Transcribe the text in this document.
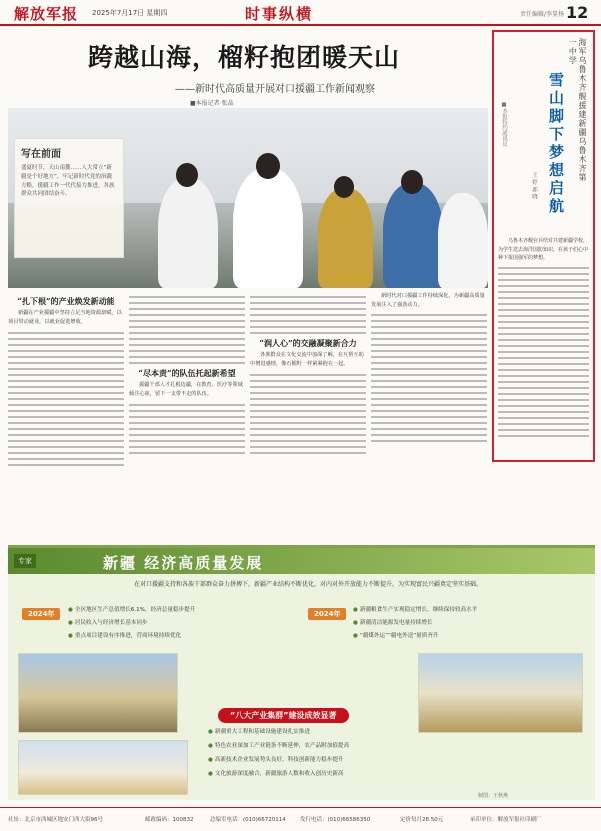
解放军报 2025年7月17日 星期四	时事纵横	责任编辑/李显扬 12
跨越山海，榴籽抱团暖天山
——新时代高质量开展对口援疆工作新闻观察
■本报记者 张晶
写在前面
盛夏时节，天山南麓……人大常立“新疆是个好地方”，牢记新时代党的治疆方略，援疆工作一代代接力推进，各族群众共同团结奋斗。
“扎下根”的产业焕发新动能
新疆在产业援疆中坚持立足当地资源禀赋，以项目带动就业，以就业促进增收。
“尽本责”的队伍托起新希望
援疆干部人才扎根边疆，在教育、医疗等领域倾注心血，留下一支带不走的队伍。
“润人心”的交融凝聚新合力
各族群众在文化交流中加深了解，在互帮互助中增进感情，像石榴籽一样紧紧抱在一起。
新时代对口援疆工作持续深化，为新疆高质量发展注入了强劲动力。
海军乌鲁木齐舰援建新疆乌鲁木齐第一中学
雪山脚下梦想启航
■本报特约通讯员
王 婷 郭 晓
乌鲁木齐舰官兵结对共建新疆学校，为学生送去海洋国防知识，在孩子们心中种下报国强军的梦想。
专家	新疆 经济高质量发展
在对口援疆支持和各族干部群众奋力拼搏下，新疆产业结构不断优化，对内对外开放能力不断提升，为实现富民兴疆奠定坚实基础。
2024年	● 全区地区生产总值增长6.1%，经济总量稳步提升
● 居民收入与经济增长基本同步
● 重点项目建设有序推进，营商环境持续优化
2024年	● 新疆粮食生产实现稳定增长，继续保持较高水平
● 新疆清洁能源发电量持续增长
● “疆煤外运”“疆电外送”量质齐升
“八大产业集群”建设成效显著
● 新疆重大工程和基础设施建设扎实推进
● 特色农业深加工产业链条不断延伸，农产品附加值提高
● 高新技术企业发展势头良好，科技创新能力稳步提升
● 文化旅游深度融合，新疆旅游人数和收入创历史新高
制图：王秋燕
社址：北京市西城区地安门西大街96号	邮政编码：100832	总编室电话：(010)66720114	发行电话：(010)66586350	定价每月28.50元	承印单位：解放军报社印刷厂
